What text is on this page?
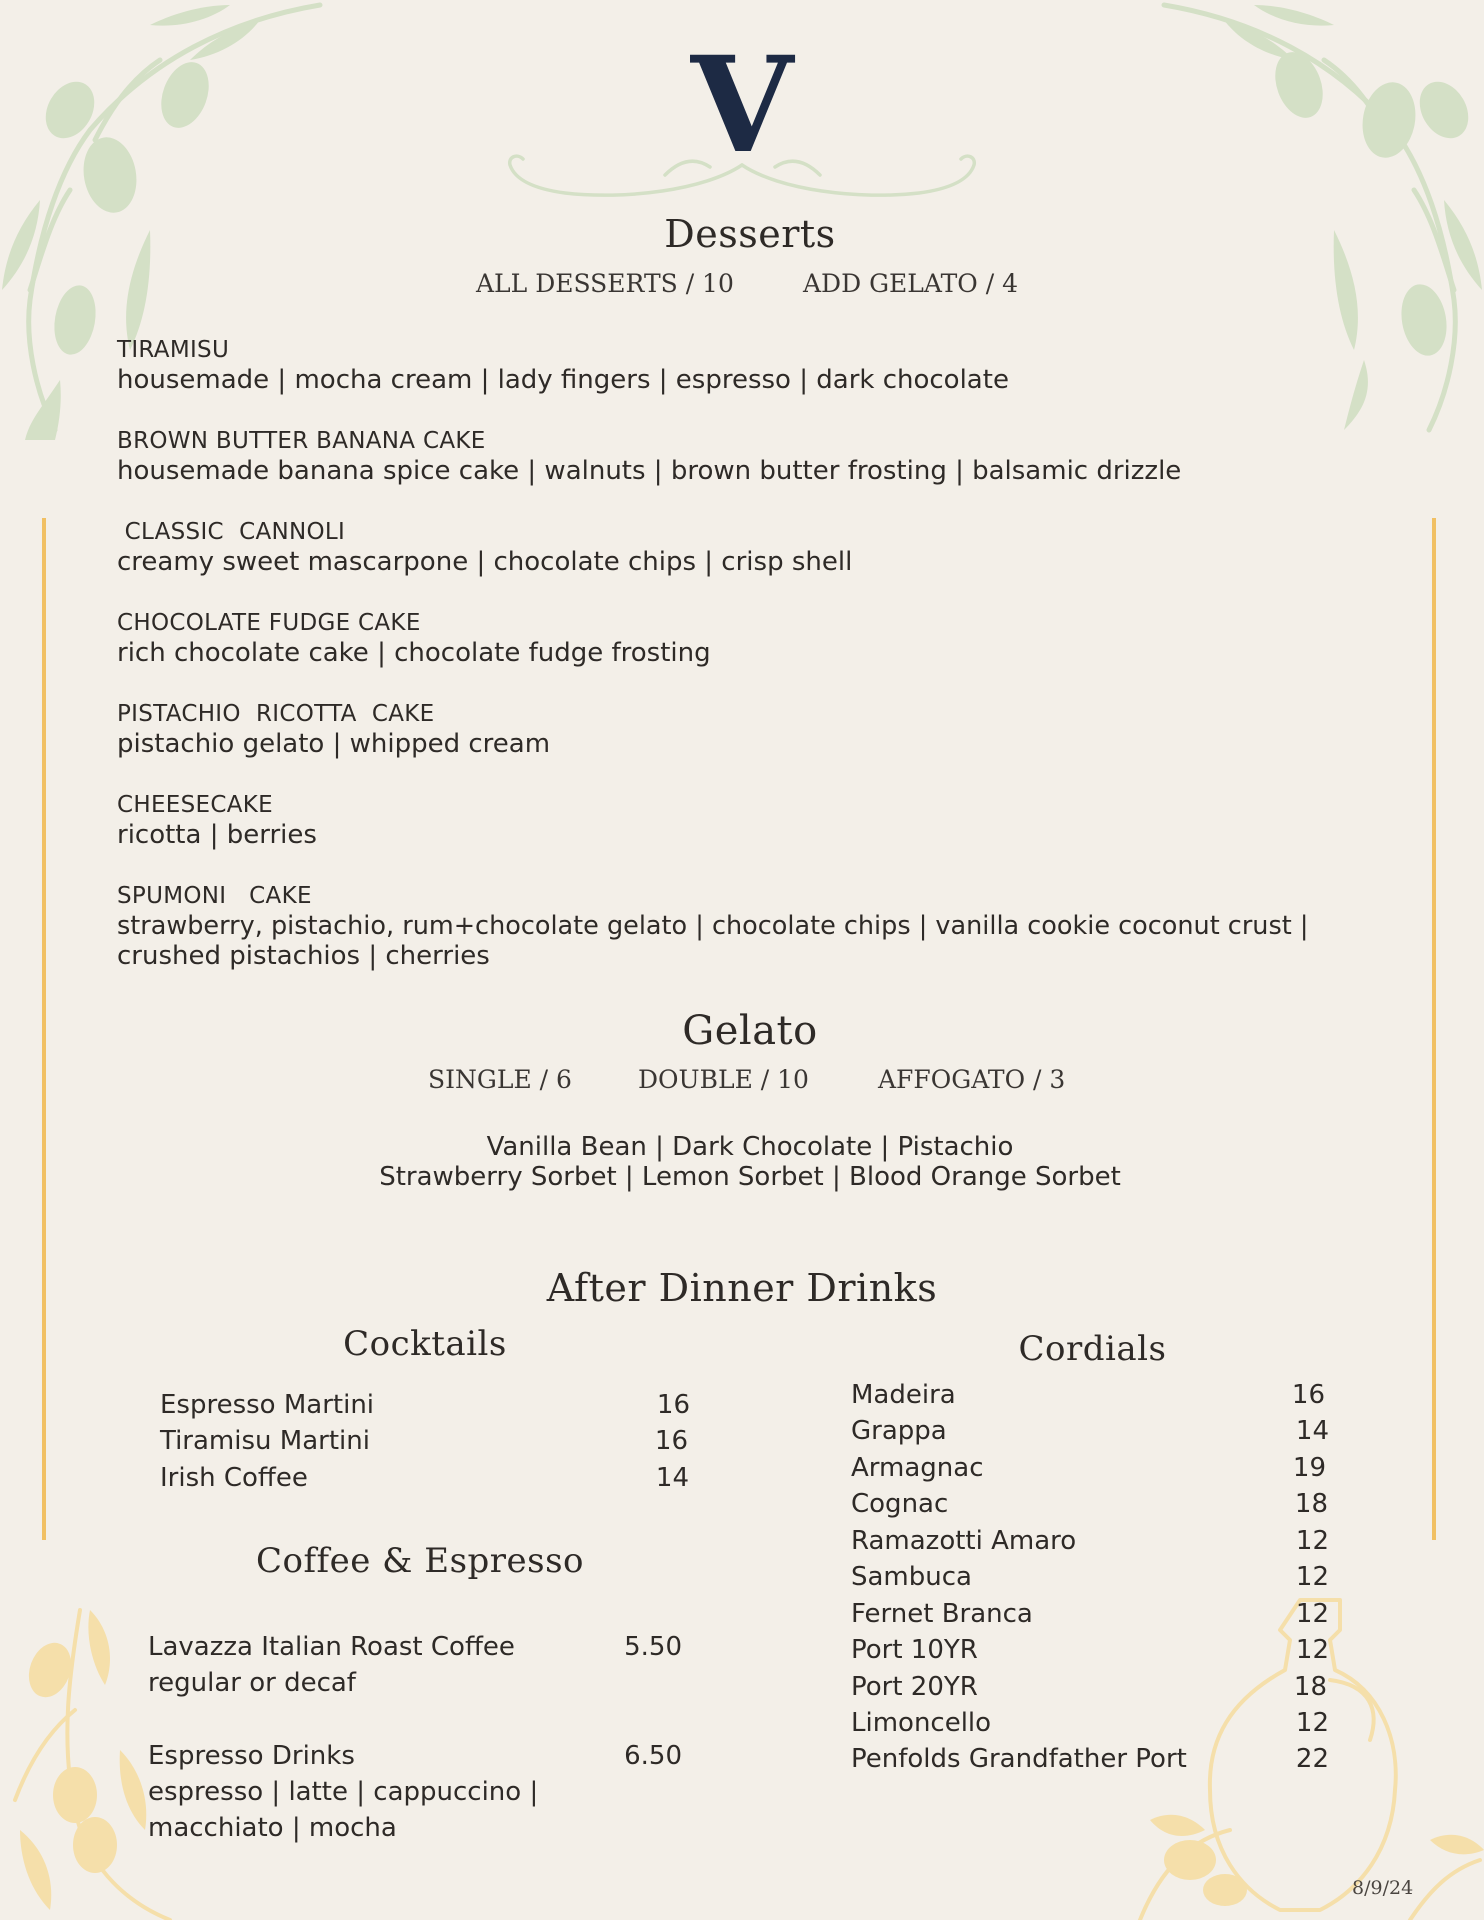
V
Desserts
ALL DESSERTS / 10	ADD GELATO / 4
TIRAMISU
housemade | mocha cream | lady fingers | espresso | dark chocolate
BROWN BUTTER BANANA CAKE
housemade banana spice cake | walnuts | brown butter frosting | balsamic drizzle
CLASSIC  CANNOLI
creamy sweet mascarpone | chocolate chips | crisp shell
CHOCOLATE FUDGE CAKE
rich chocolate cake | chocolate fudge frosting
PISTACHIO  RICOTTA  CAKE
pistachio gelato | whipped cream
CHEESECAKE
ricotta | berries
SPUMONI   CAKE
strawberry, pistachio, rum+chocolate gelato | chocolate chips | vanilla cookie coconut crust |
crushed pistachios | cherries
Gelato
SINGLE / 6	DOUBLE / 10	AFFOGATO / 3
Vanilla Bean | Dark Chocolate | Pistachio
Strawberry Sorbet | Lemon Sorbet | Blood Orange Sorbet
After Dinner Drinks
Cocktails
Espresso Martini	16
Tiramisu Martini	16
Irish Coffee	14
Coffee & Espresso
Lavazza Italian Roast Coffee	5.50
regular or decaf
Espresso Drinks	6.50
espresso | latte | cappuccino |
macchiato | mocha
Cordials
Madeira	16
Grappa	14
Armagnac	19
Cognac	18
Ramazotti Amaro	12
Sambuca	12
Fernet Branca	12
Port 10YR	12
Port 20YR	18
Limoncello	12
Penfolds Grandfather Port	22
8/9/24
